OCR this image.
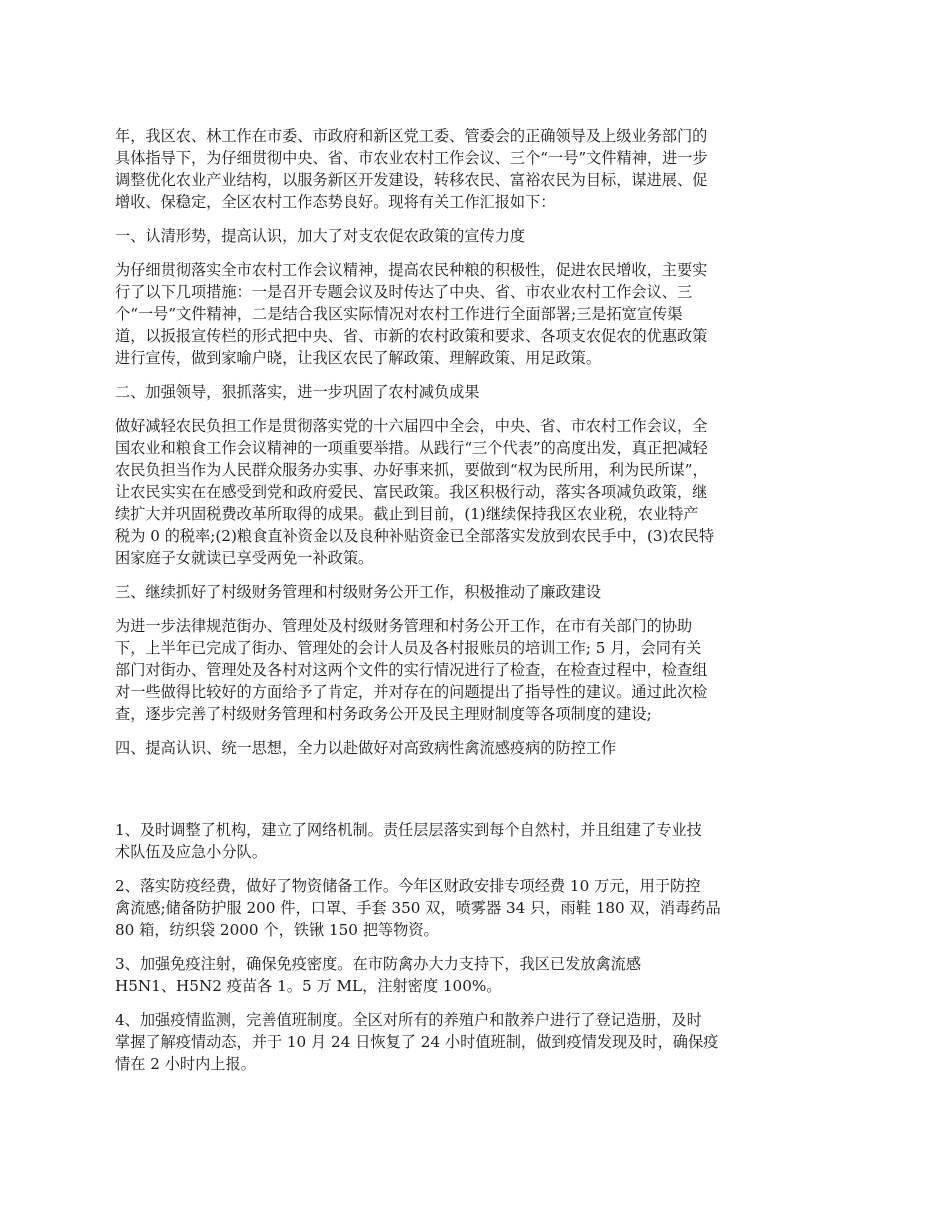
年，我区农、林工作在市委、市政府和新区党工委、管委会的正确领导及上级业务部门的
具体指导下，为仔细贯彻中央、省、市农业农村工作会议、三个“一号”文件精神，进一步
调整优化农业产业结构，以服务新区开发建设，转移农民、富裕农民为目标，谋进展、促
增收、保稳定，全区农村工作态势良好。现将有关工作汇报如下：

一、认清形势，提高认识，加大了对支农促农政策的宣传力度

为仔细贯彻落实全市农村工作会议精神，提高农民种粮的积极性，促进农民增收，主要实
行了以下几项措施：一是召开专题会议及时传达了中央、省、市农业农村工作会议、三
个“一号”文件精神，二是结合我区实际情况对农村工作进行全面部署;三是拓宽宣传渠
道，以扳报宣传栏的形式把中央、省、市新的农村政策和要求、各项支农促农的优惠政策
进行宣传，做到家喻户晓，让我区农民了解政策、理解政策、用足政策。

二、加强领导，狠抓落实，进一步巩固了农村减负成果

做好减轻农民负担工作是贯彻落实党的十六届四中全会，中央、省、市农村工作会议，全
国农业和粮食工作会议精神的一项重要举措。从践行“三个代表”的高度出发，真正把减轻
农民负担当作为人民群众服务办实事、办好事来抓，要做到“权为民所用，利为民所谋”，
让农民实实在在感受到党和政府爱民、富民政策。我区积极行动，落实各项减负政策，继
续扩大并巩固税费改革所取得的成果。截止到目前，(1)继续保持我区农业税，农业特产
税为 0 的税率;(2)粮食直补资金以及良种补贴资金已全部落实发放到农民手中，(3)农民特
困家庭子女就读已享受两免一补政策。

三、继续抓好了村级财务管理和村级财务公开工作，积极推动了廉政建设

为进一步法律规范街办、管理处及村级财务管理和村务公开工作，在市有关部门的协助
下，上半年已完成了街办、管理处的会计人员及各村报账员的培训工作; 5 月，会同有关
部门对街办、管理处及各村对这两个文件的实行情况进行了检查，在检查过程中，检查组
对一些做得比较好的方面给予了肯定，并对存在的问题提出了指导性的建议。通过此次检
查，逐步完善了村级财务管理和村务政务公开及民主理财制度等各项制度的建设;

四、提高认识、统一思想，全力以赴做好对高致病性禽流感疫病的防控工作

1、及时调整了机构，建立了网络机制。责任层层落实到每个自然村，并且组建了专业技
术队伍及应急小分队。

2、落实防疫经费，做好了物资储备工作。今年区财政安排专项经费 10 万元，用于防控
禽流感;储备防护服 200 件，口罩、手套 350 双，喷雾器 34 只，雨鞋 180 双，消毒药品
80 箱，纺织袋 2000 个，铁锹 150 把等物资。

3、加强免疫注射，确保免疫密度。在市防禽办大力支持下，我区已发放禽流感
H5N1、H5N2 疫苗各 1。5 万 ML，注射密度 100%。

4、加强疫情监测，完善值班制度。全区对所有的养殖户和散养户进行了登记造册，及时
掌握了解疫情动态，并于 10 月 24 日恢复了 24 小时值班制，做到疫情发现及时，确保疫
情在 2 小时内上报。
